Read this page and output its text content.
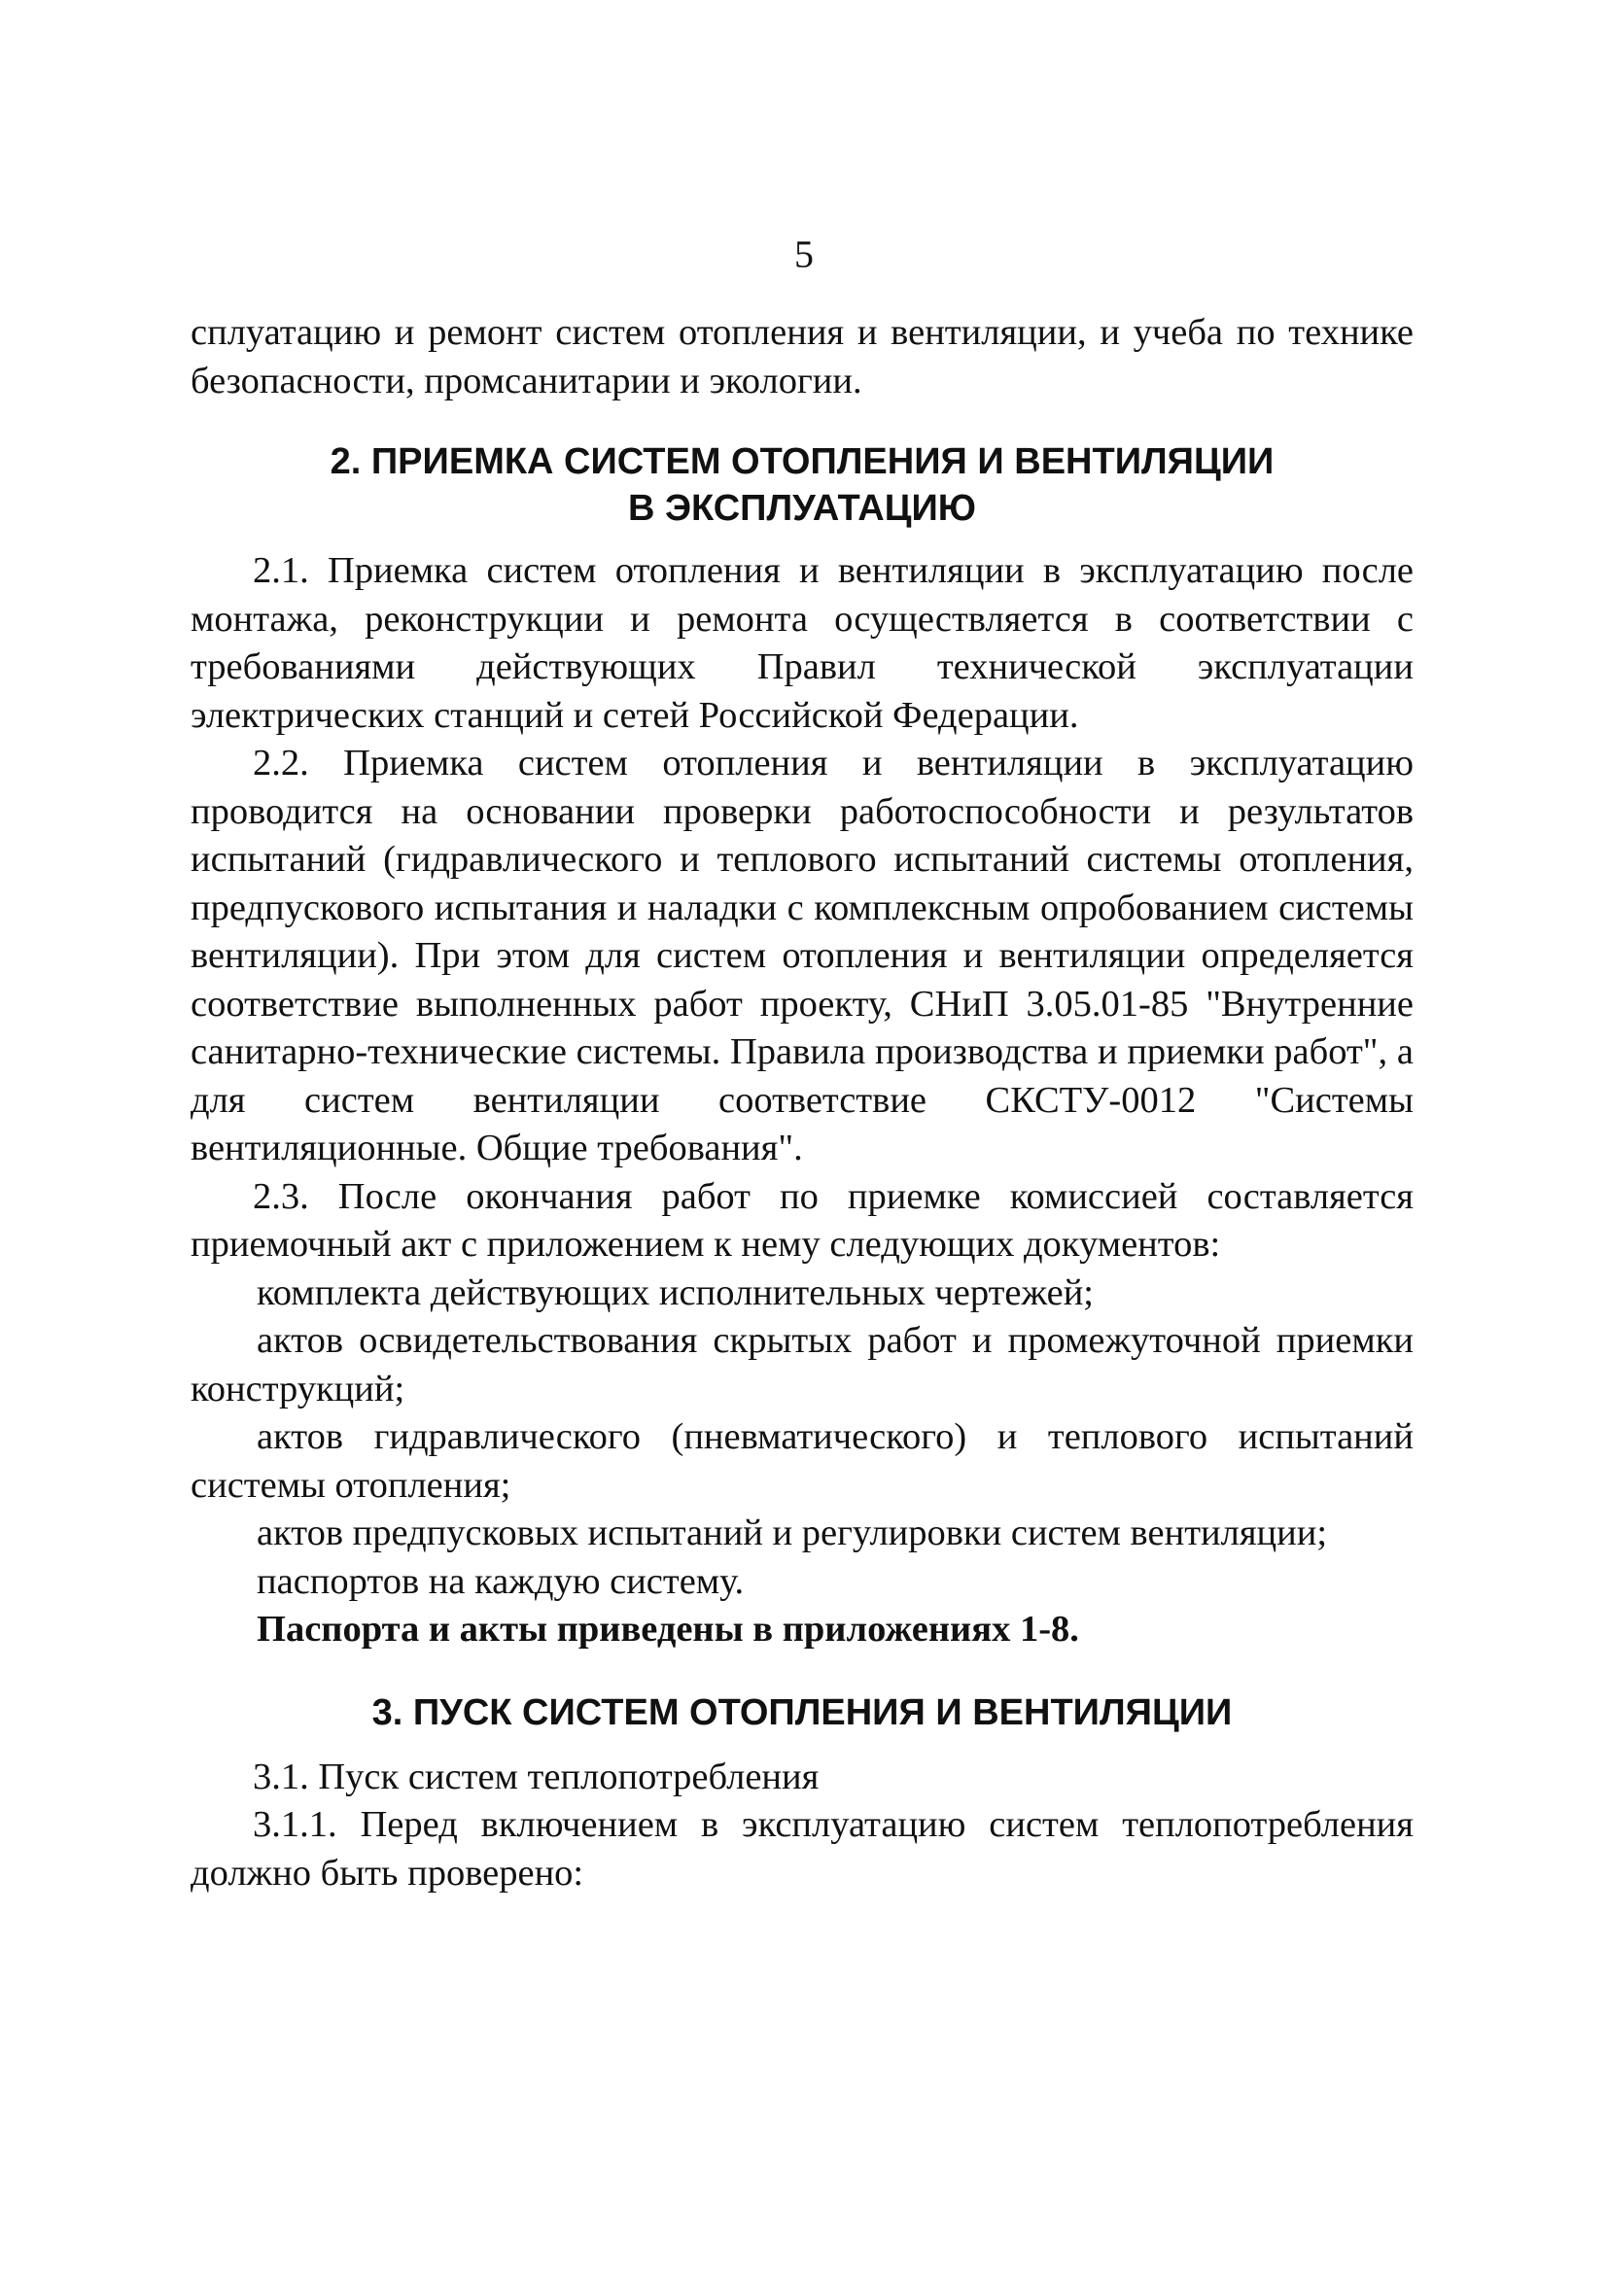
5

сплуатацию и ремонт систем отопления и вентиляции, и учеба по технике безопасности, промсанитарии и экологии.

2. ПРИЕМКА СИСТЕМ ОТОПЛЕНИЯ И ВЕНТИЛЯЦИИ
В ЭКСПЛУАТАЦИЮ

2.1. Приемка систем отопления и вентиляции в эксплуатацию после монтажа, реконструкции и ремонта осуществляется в соответствии с требованиями действующих Правил технической эксплуатации электрических станций и сетей Российской Федерации.

2.2. Приемка систем отопления и вентиляции в эксплуатацию проводится на основании проверки работоспособности и результатов испытаний (гидравлического и теплового испытаний системы отопления, предпускового испытания и наладки с комплексным опробованием системы вентиляции). При этом для систем отопления и вентиляции определяется соответствие выполненных работ проекту, СНиП 3.05.01-85 "Внутренние санитарно-технические системы. Правила производства и приемки работ", а для систем вентиляции соответствие СКСТУ-0012 "Системы вентиляционные. Общие требования".

2.3. После окончания работ по приемке комиссией составляется приемочный акт с приложением к нему следующих документов:

комплекта действующих исполнительных чертежей;

актов освидетельствования скрытых работ и промежуточной приемки конструкций;

актов гидравлического (пневматического) и теплового испытаний системы отопления;

актов предпусковых испытаний и регулировки систем вентиляции;

паспортов на каждую систему.

Паспорта и акты приведены в приложениях 1-8.

3. ПУСК СИСТЕМ ОТОПЛЕНИЯ И ВЕНТИЛЯЦИИ

3.1. Пуск систем теплопотребления

3.1.1. Перед включением в эксплуатацию систем теплопотребления должно быть проверено:
